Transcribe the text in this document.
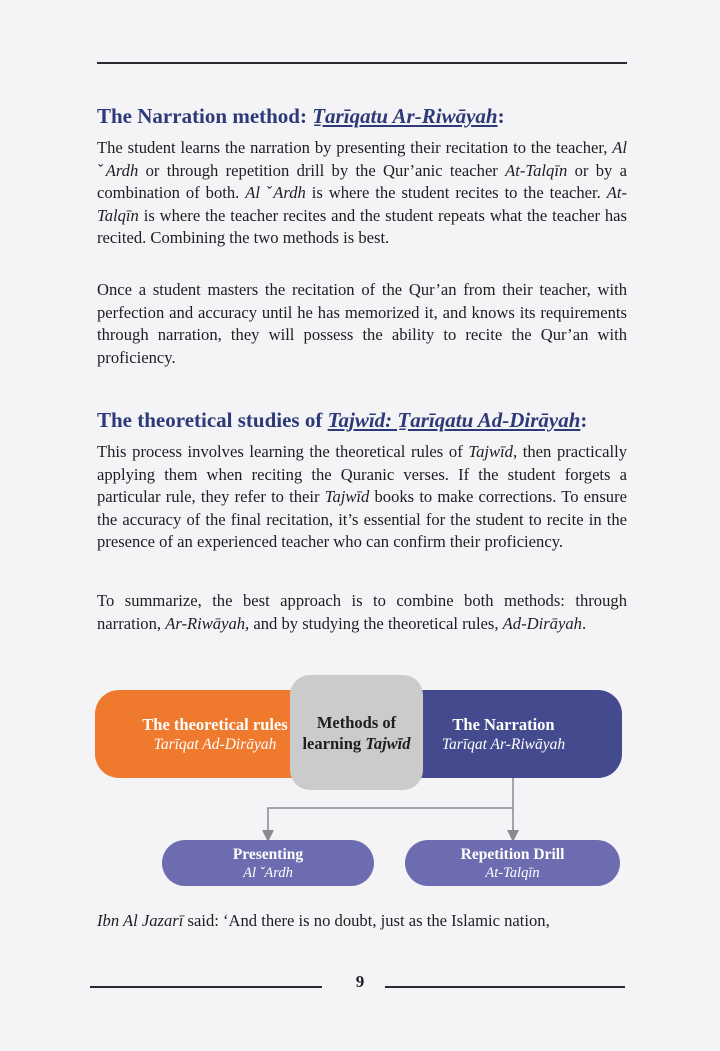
The Narration method: Ṯarīqatu Ar-Riwāyah:

The student learns the narration by presenting their recitation to the teacher, Al ˇArdh or through repetition drill by the Qur’anic teacher At-Talqīn or by a combination of both. Al ˇArdh is where the student recites to the teacher. At-Talqīn is where the teacher recites and the student repeats what the teacher has recited. Combining the two methods is best.

Once a student masters the recitation of the Qur’an from their teacher, with perfection and accuracy until he has memorized it, and knows its requirements through narration, they will possess the ability to recite the Qur’an with proficiency.

The theoretical studies of Tajwīd: Ṯarīqatu Ad-Dirāyah:

This process involves learning the theoretical rules of Tajwīd, then practically applying them when reciting the Quranic verses. If the student forgets a particular rule, they refer to their Tajwīd books to make corrections. To ensure the accuracy of the final recitation, it’s essential for the student to recite in the presence of an experienced teacher who can confirm their proficiency.

To summarize, the best approach is to combine both methods: through narration, Ar-Riwāyah, and by studying the theoretical rules, Ad-Dirāyah.

The theoretical rules
Tarīqat Ad-Dirāyah
The Narration
Tarīqat Ar-Riwāyah
Methods of
learning Tajwīd
Presenting
Al ˇArdh
Repetition Drill
At-Talqīn

Ibn Al Jazarī said: ‘And there is no doubt, just as the Islamic nation,

9
